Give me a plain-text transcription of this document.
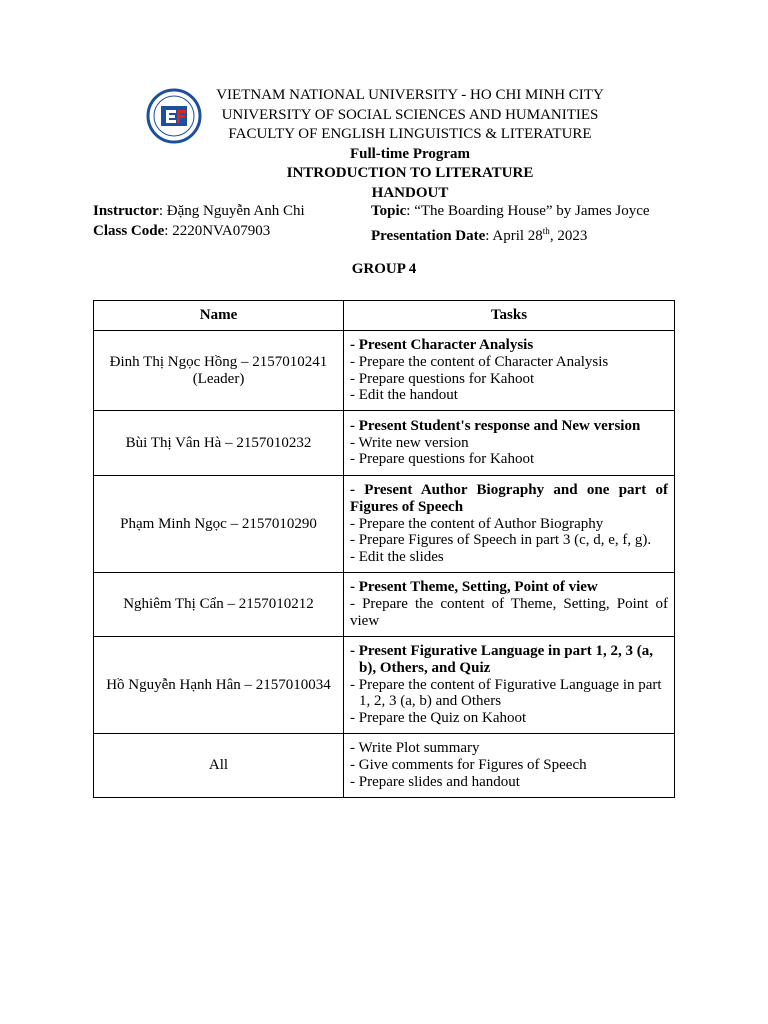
VIETNAM NATIONAL UNIVERSITY - HO CHI MINH CITY
UNIVERSITY OF SOCIAL SCIENCES AND HUMANITIES
FACULTY OF ENGLISH LINGUISTICS & LITERATURE
Full-time Program
INTRODUCTION TO LITERATURE
HANDOUT
Instructor: Đặng Nguyễn Anh Chi
Class Code: 2220NVA07903
Topic: “The Boarding House” by James Joyce
Presentation Date: April 28th, 2023
GROUP 4
Name	Tasks
Đinh Thị Ngọc Hồng – 2157010241 (Leader)	- Present Character Analysis
- Prepare the content of Character Analysis
- Prepare questions for Kahoot
- Edit the handout

Bùi Thị Vân Hà – 2157010232	- Present Student's response and New version
- Write new version
- Prepare questions for Kahoot

Phạm Minh Ngọc – 2157010290	- Present Author Biography and one part of
Figures of Speech
- Prepare the content of Author Biography
- Prepare Figures of Speech in part 3 (c, d, e, f, g).
- Edit the slides

Nghiêm Thị Cẩn – 2157010212	- Present Theme, Setting, Point of view
- Prepare the content of Theme, Setting, Point of
view

Hồ Nguyễn Hạnh Hân – 2157010034	- Present Figurative Language in part 1, 2, 3 (a,
b), Others, and Quiz
- Prepare the content of Figurative Language in part
1, 2, 3 (a, b) and Others
- Prepare the Quiz on Kahoot

All	- Write Plot summary
- Give comments for Figures of Speech
- Prepare slides and handout
